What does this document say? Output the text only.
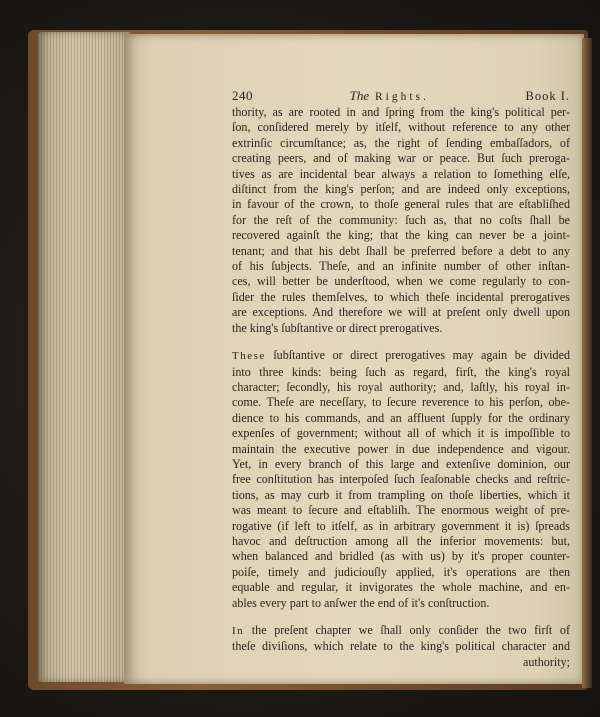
240	The Rights.	Book I.
thority, as are rooted in and ſpring from the king's political per-
ſon, conſidered merely by itſelf, without reference to any other
extrinſic circumſtance; as, the right of ſending embaſſadors, of
creating peers, and of making war or peace. But ſuch preroga-
tives as are incidental bear always a relation to ſomething elſe,
diſtinct from the king's perſon; and are indeed only exceptions,
in favour of the crown, to thoſe general rules that are eſtabliſhed
for the reſt of the community: ſuch as, that no coſts ſhall be
recovered againſt the king; that the king can never be a joint-
tenant; and that his debt ſhall be preferred before a debt to any
of his ſubjects. Theſe, and an infinite number of other inſtan-
ces, will better be underſtood, when we come regularly to con-
ſider the rules themſelves, to which theſe incidental prerogatives
are exceptions. And therefore we will at preſent only dwell upon
the king's ſubſtantive or direct prerogatives.
These ſubſtantive or direct prerogatives may again be divided
into three kinds: being ſuch as regard, firſt, the king's royal
character; ſecondly, his royal authority; and, laſtly, his royal in-
come. Theſe are neceſſary, to ſecure reverence to his perſon, obe-
dience to his commands, and an affluent ſupply for the ordinary
expenſes of government; without all of which it is impoſſible to
maintain the executive power in due independence and vigour.
Yet, in every branch of this large and extenſive dominion, our
free conſtitution has interpoſed ſuch ſeaſonable checks and reſtric-
tions, as may curb it from trampling on thoſe liberties, which it
was meant to ſecure and eſtabliſh. The enormous weight of pre-
rogative (if left to itſelf, as in arbitrary government it is) ſpreads
havoc and deſtruction among all the inferior movements: but,
when balanced and bridled (as with us) by it's proper counter-
poiſe, timely and judiciouſly applied, it's operations are then
equable and regular, it invigorates the whole machine, and en-
ables every part to anſwer the end of it's conſtruction.
In the preſent chapter we ſhall only conſider the two firſt of
theſe diviſions, which relate to the king's political character and
authority;
